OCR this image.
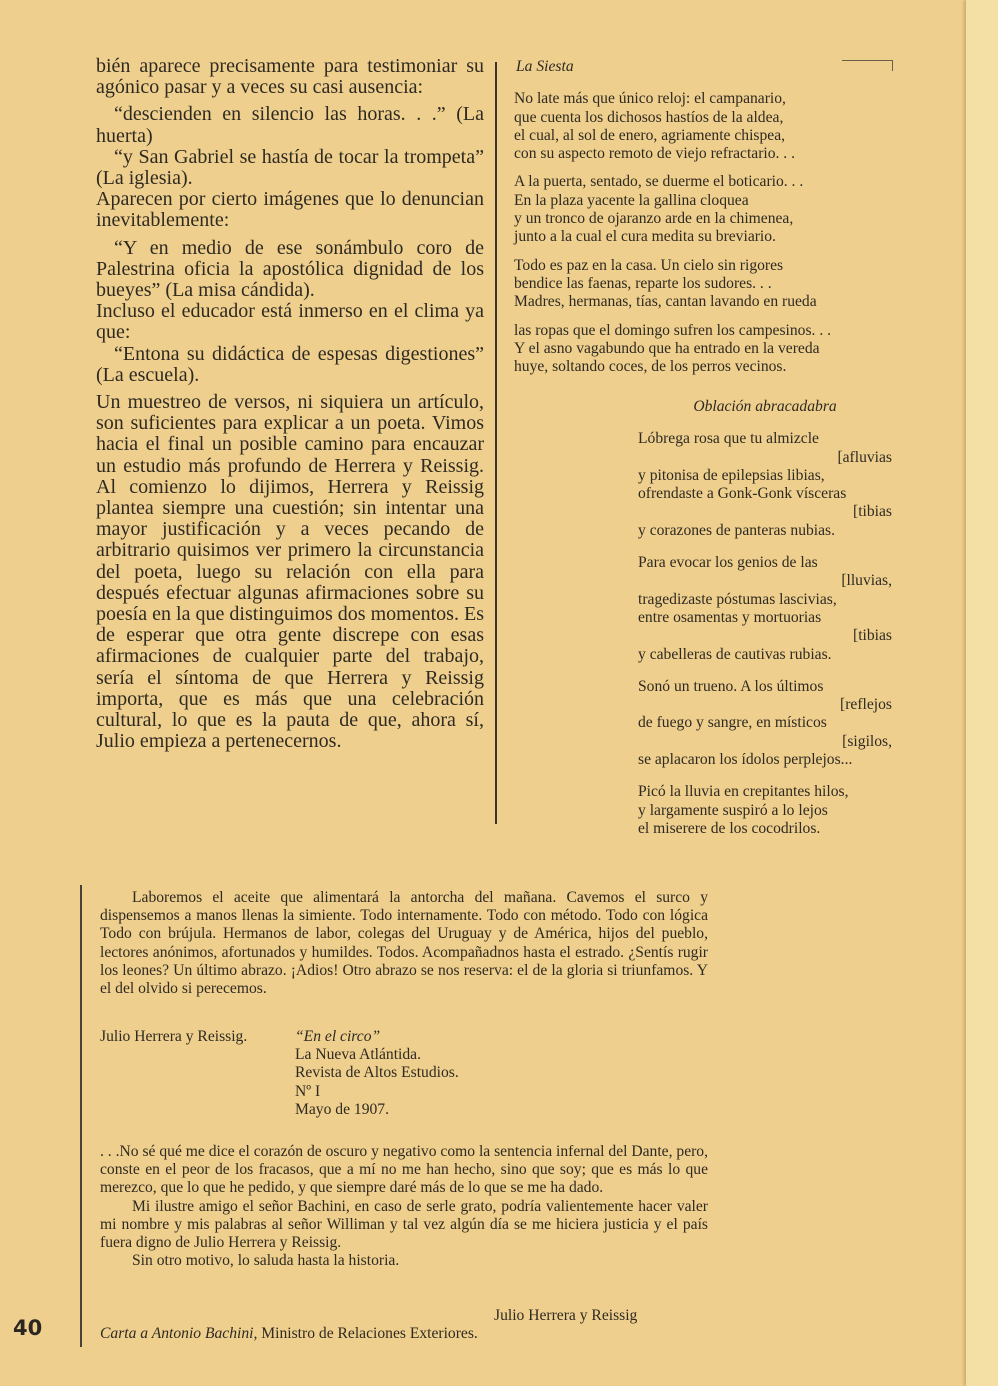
bién aparece precisamente para testimoniar su agónico pasar y a veces su casi ausencia:

“descienden en silencio las horas. . .” (La huerta)

“y San Gabriel se hastía de tocar la trompeta” (La iglesia).

Aparecen por cierto imágenes que lo denuncian inevitablemente:

“Y en medio de ese sonámbulo coro de Palestrina oficia la apostólica dignidad de los bueyes” (La misa cándida).

Incluso el educador está inmerso en el clima ya que:

“Entona su didáctica de espesas digestiones” (La escuela).

Un muestreo de versos, ni siquiera un artículo, son suficientes para explicar a un poeta. Vimos hacia el final un posible camino para encauzar un estudio más profundo de Herrera y Reissig. Al comienzo lo dijimos, Herrera y Reissig plantea siempre una cuestión; sin intentar una mayor justificación y a veces pecando de arbitrario quisimos ver primero la circunstancia del poeta, luego su relación con ella para después efectuar algunas afirmaciones sobre su poesía en la que distinguimos dos momentos. Es de esperar que otra gente discrepe con esas afirmaciones de cualquier parte del trabajo, sería el síntoma de que Herrera y Reissig importa, que es más que una celebración cultural, lo que es la pauta de que, ahora sí, Julio empieza a pertenecernos.

La Siesta
No late más que único reloj: el campanario,
que cuenta los dichosos hastíos de la aldea,
el cual, al sol de enero, agriamente chispea,
con su aspecto remoto de viejo refractario. . .
A la puerta, sentado, se duerme el boticario. . .
En la plaza yacente la gallina cloquea
y un tronco de ojaranzo arde en la chimenea,
junto a la cual el cura medita su breviario.
Todo es paz en la casa. Un cielo sin rigores
bendice las faenas, reparte los sudores. . .
Madres, hermanas, tías, cantan lavando en rueda
las ropas que el domingo sufren los campesinos. . .
Y el asno vagabundo que ha entrado en la vereda
huye, soltando coces, de los perros vecinos.
Oblación abracadabra
Lóbrega rosa que tu almizcle
[afluvias
y pitonisa de epilepsias libias,
ofrendaste a Gonk-Gonk vísceras
[tibias
y corazones de panteras nubias.
Para evocar los genios de las
[lluvias,
tragedizaste póstumas lascivias,
entre osamentas y mortuorias
[tibias
y cabelleras de cautivas rubias.
Sonó un trueno. A los últimos
[reflejos
de fuego y sangre, en místicos
[sigilos,
se aplacaron los ídolos perplejos...
Picó la lluvia en crepitantes hilos,
y largamente suspiró a lo lejos
el miserere de los cocodrilos.

Laboremos el aceite que alimentará la antorcha del mañana. Cavemos el surco y dispensemos a manos llenas la simiente. Todo internamente. Todo con método. Todo con lógica Todo con brújula. Hermanos de labor, colegas del Uruguay y de América, hijos del pueblo, lectores anónimos, afortunados y humildes. Todos. Acompañadnos hasta el estrado. ¿Sentís rugir los leones? Un último abrazo. ¡Adios! Otro abrazo se nos reserva: el de la gloria si triunfamos. Y el del olvido si perecemos.

Julio Herrera y Reissig.	“En el circo”
La Nueva Atlántida.
Revista de Altos Estudios.
Nº I
Mayo de 1907.

. . .No sé qué me dice el corazón de oscuro y negativo como la sentencia infernal del Dante, pero, conste en el peor de los fracasos, que a mí no me han hecho, sino que soy; que es más lo que merezco, que lo que he pedido, y que siempre daré más de lo que se me ha dado.

Mi ilustre amigo el señor Bachini, en caso de serle grato, podría valientemente hacer valer mi nombre y mis palabras al señor Williman y tal vez algún día se me hiciera justicia y el país fuera digno de Julio Herrera y Reissig.

Sin otro motivo, lo saluda hasta la historia.

Julio Herrera y Reissig
Carta a Antonio Bachini, Ministro de Relaciones Exteriores.
40
